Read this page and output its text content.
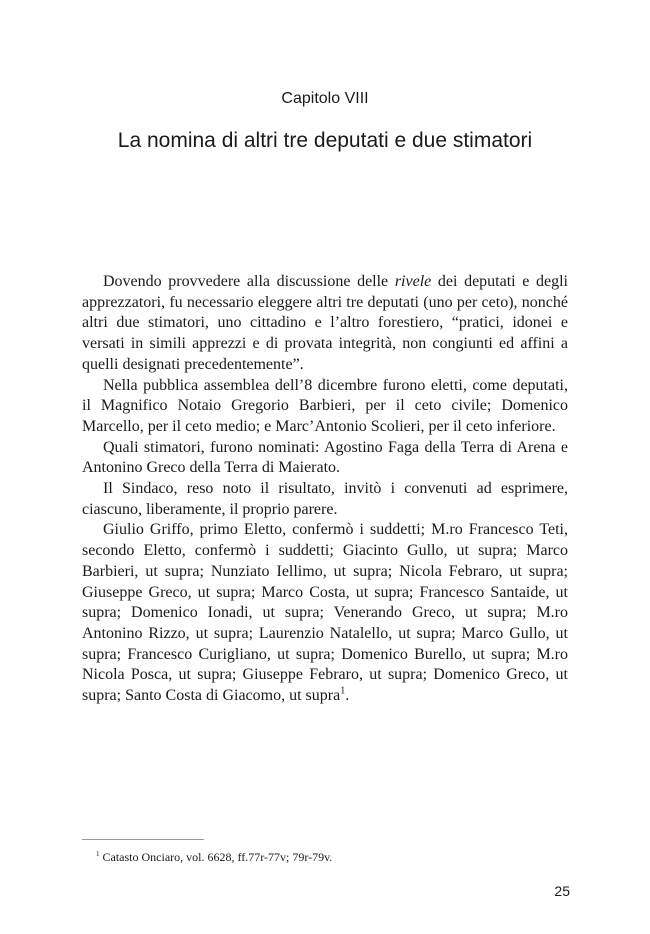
Capitolo VIII
La nomina di altri tre deputati e due stimatori

Dovendo provvedere alla discussione delle rivele dei deputati e degli apprezzatori, fu necessario eleggere altri tre deputati (uno per ceto), nonché altri due stimatori, uno cittadino e l’altro forestiero, “pratici, idonei e versati in simili apprezzi e di provata integrità, non congiunti ed affini a quelli designati precedentemente”.

Nella pubblica assemblea dell’8 dicembre furono eletti, come deputati, il Magnifico Notaio Gregorio Barbieri, per il ceto civile; Domenico Marcello, per il ceto medio; e Marc’Antonio Scolieri, per il ceto inferiore.

Quali stimatori, furono nominati: Agostino Faga della Terra di Arena e Antonino Greco della Terra di Maierato.

Il Sindaco, reso noto il risultato, invitò i convenuti ad esprimere, ciascuno, liberamente, il proprio parere.

Giulio Griffo, primo Eletto, confermò i suddetti; M.ro Francesco Teti, secondo Eletto, confermò i suddetti; Giacinto Gullo, ut supra; Marco Barbieri, ut supra; Nunziato Iellimo, ut supra; Nicola Febraro, ut supra; Giuseppe Greco, ut supra; Marco Costa, ut supra; Francesco Santaide, ut supra; Domenico Ionadi, ut supra; Venerando Greco, ut supra; M.ro Antonino Rizzo, ut supra; Laurenzio Natalello, ut supra; Marco Gullo, ut supra; Francesco Curigliano, ut supra; Domenico Burello, ut supra; M.ro Nicola Posca, ut supra; Giuseppe Febraro, ut supra; Domenico Greco, ut supra; Santo Costa di Giacomo, ut supra$^1$.

$^1$ Catasto Onciaro, vol. 6628, ff.77r-77v; 79r-79v.
25
